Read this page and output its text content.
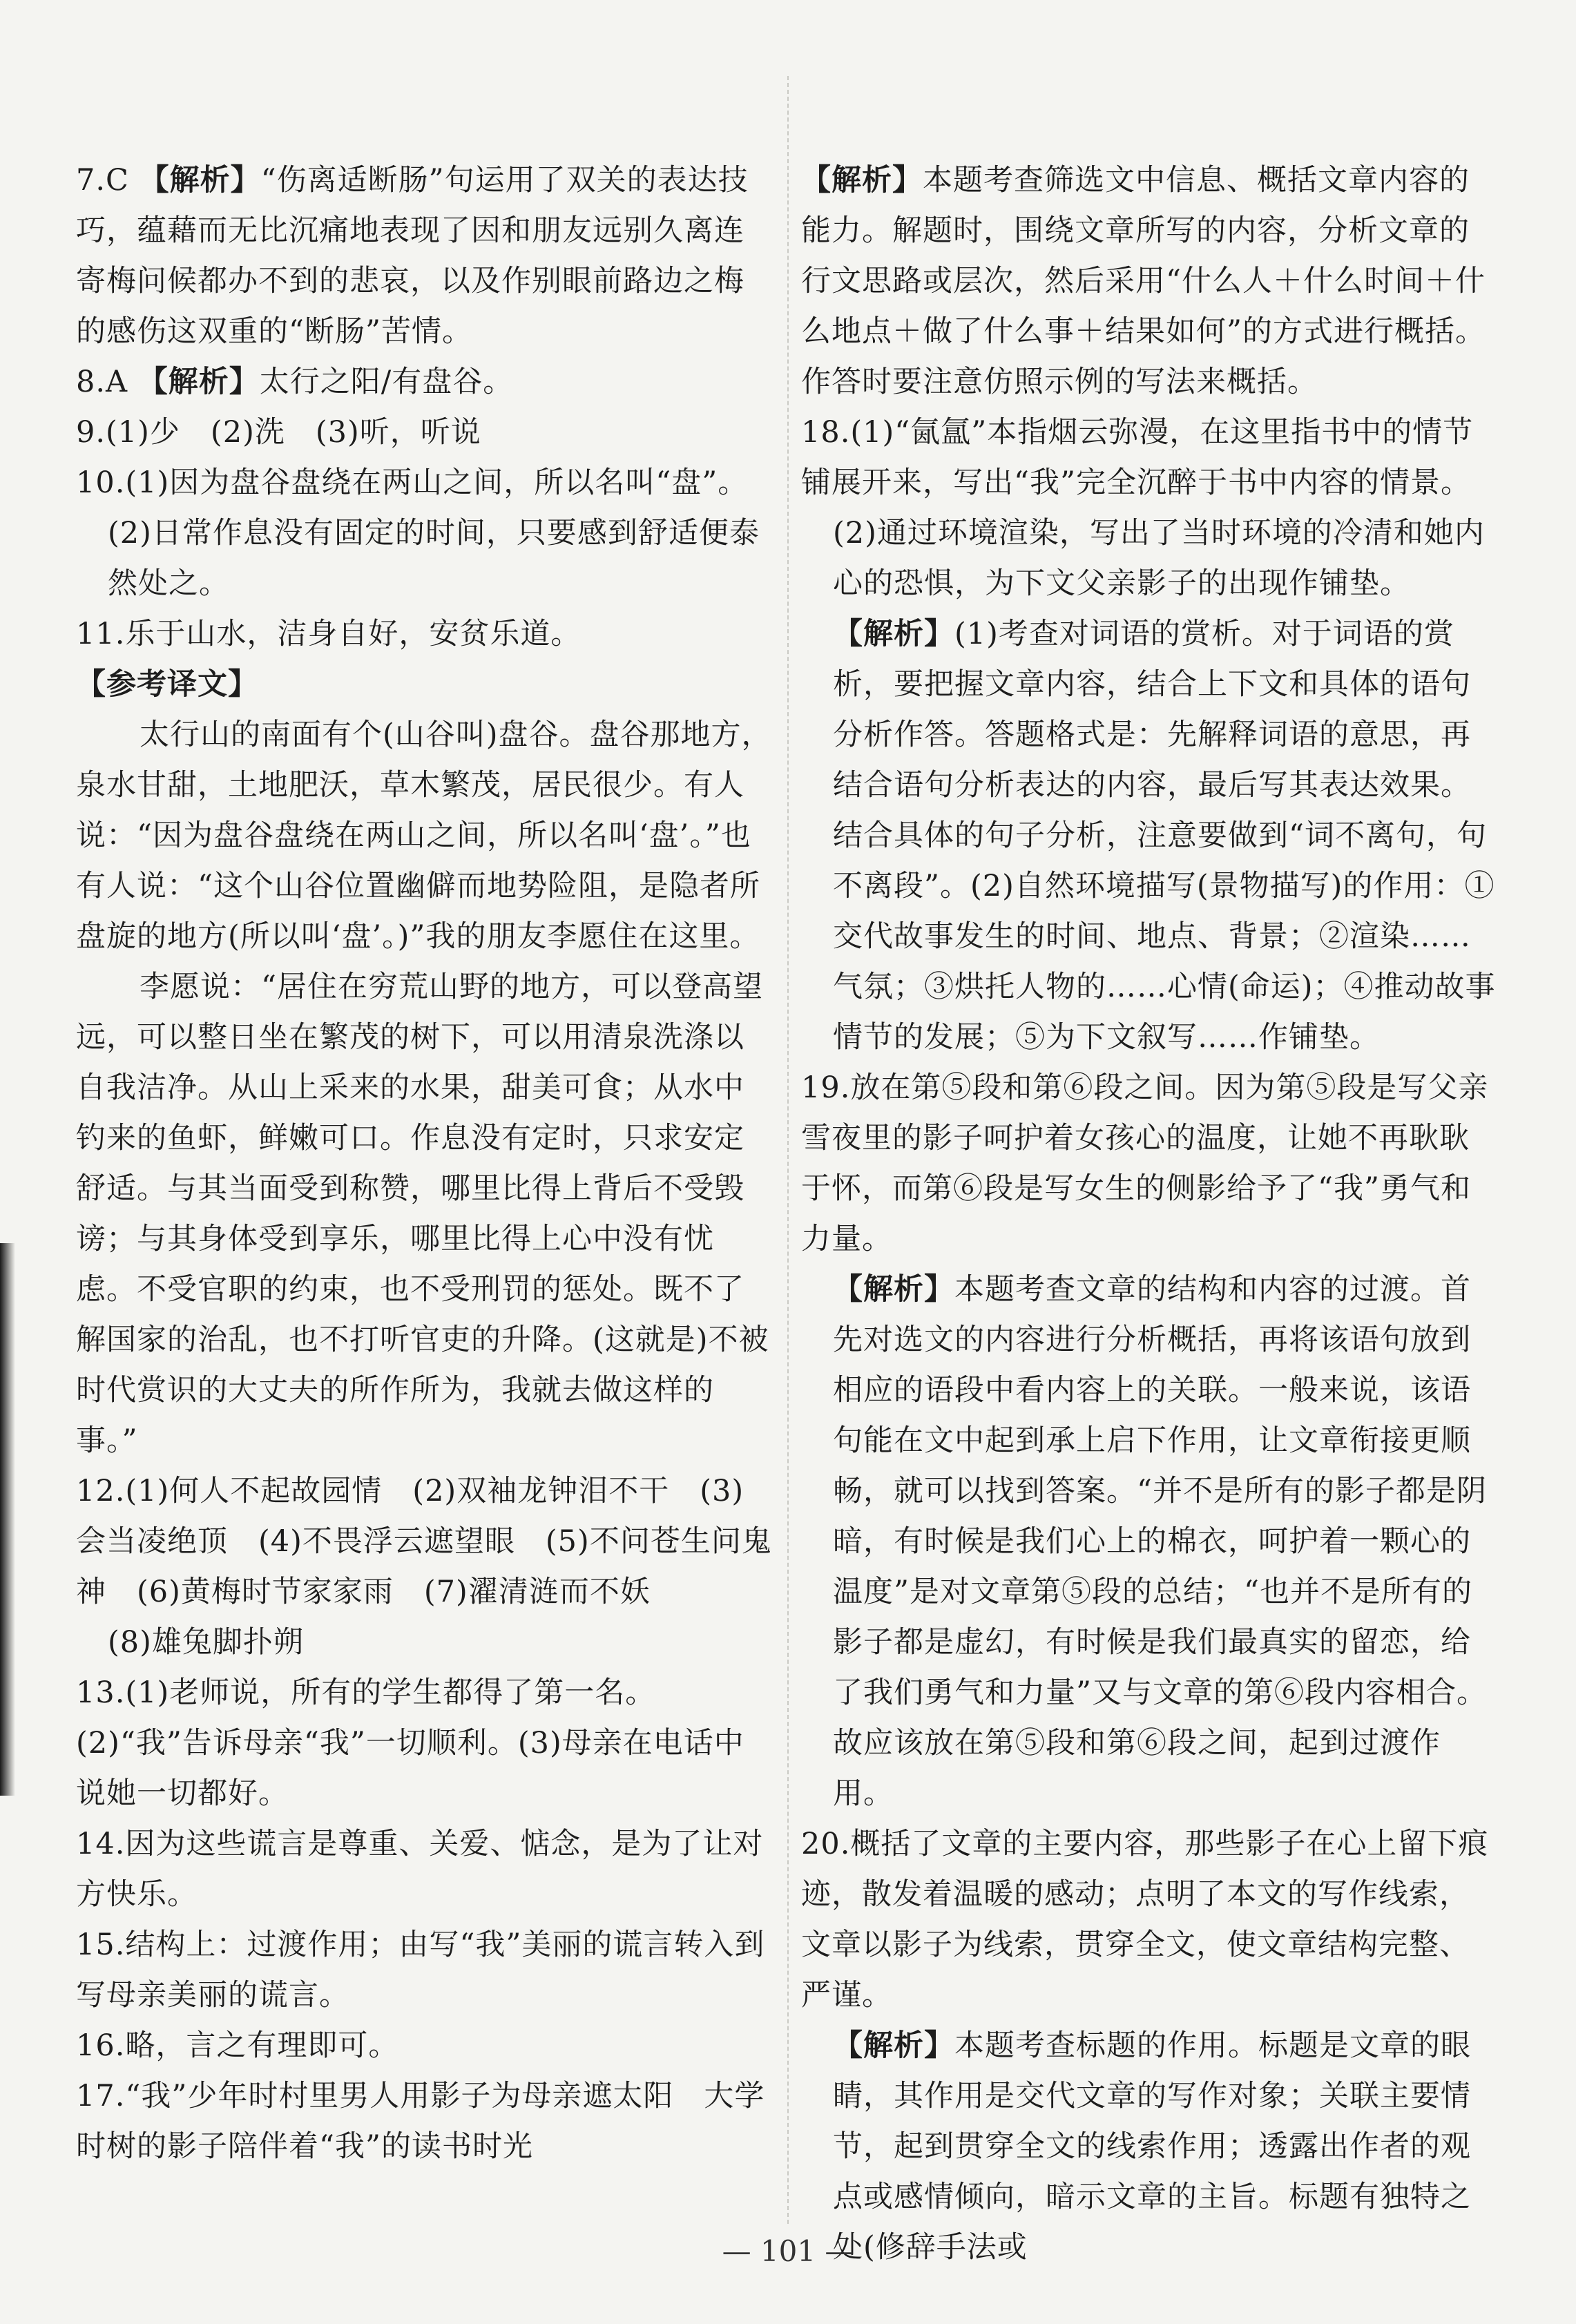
7.C 【解析】“伤离适断肠”句运用了双关的表达技巧，蕴藉而无比沉痛地表现了因和朋友远别久离连寄梅问候都办不到的悲哀，以及作别眼前路边之梅的感伤这双重的“断肠”苦情。

8.A 【解析】太行之阳/有盘谷。

9.(1)少　(2)洗　(3)听，听说

10.(1)因为盘谷盘绕在两山之间，所以名叫“盘”。

(2)日常作息没有固定的时间，只要感到舒适便泰然处之。

11.乐于山水，洁身自好，安贫乐道。

【参考译文】

太行山的南面有个(山谷叫)盘谷。盘谷那地方，泉水甘甜，土地肥沃，草木繁茂，居民很少。有人说：“因为盘谷盘绕在两山之间，所以名叫‘盘’。”也有人说：“这个山谷位置幽僻而地势险阻，是隐者所盘旋的地方(所以叫‘盘’。)”我的朋友李愿住在这里。

李愿说：“居住在穷荒山野的地方，可以登高望远，可以整日坐在繁茂的树下，可以用清泉洗涤以自我洁净。从山上采来的水果，甜美可食；从水中钓来的鱼虾，鲜嫩可口。作息没有定时，只求安定舒适。与其当面受到称赞，哪里比得上背后不受毁谤；与其身体受到享乐，哪里比得上心中没有忧虑。不受官职的约束，也不受刑罚的惩处。既不了解国家的治乱，也不打听官吏的升降。(这就是)不被时代赏识的大丈夫的所作所为，我就去做这样的事。”

12.(1)何人不起故园情　(2)双袖龙钟泪不干　(3)会当凌绝顶　(4)不畏浮云遮望眼　(5)不问苍生问鬼神　(6)黄梅时节家家雨　(7)濯清涟而不妖

(8)雄兔脚扑朔

13.(1)老师说，所有的学生都得了第一名。(2)“我”告诉母亲“我”一切顺利。(3)母亲在电话中说她一切都好。

14.因为这些谎言是尊重、关爱、惦念，是为了让对方快乐。

15.结构上：过渡作用；由写“我”美丽的谎言转入到写母亲美丽的谎言。

16.略，言之有理即可。

17.“我”少年时村里男人用影子为母亲遮太阳　大学时树的影子陪伴着“我”的读书时光

【解析】本题考查筛选文中信息、概括文章内容的能力。解题时，围绕文章所写的内容，分析文章的行文思路或层次，然后采用“什么人＋什么时间＋什么地点＋做了什么事＋结果如何”的方式进行概括。作答时要注意仿照示例的写法来概括。

18.(1)“氤氲”本指烟云弥漫，在这里指书中的情节铺展开来，写出“我”完全沉醉于书中内容的情景。

(2)通过环境渲染，写出了当时环境的冷清和她内心的恐惧，为下文父亲影子的出现作铺垫。

【解析】(1)考查对词语的赏析。对于词语的赏析，要把握文章内容，结合上下文和具体的语句分析作答。答题格式是：先解释词语的意思，再结合语句分析表达的内容，最后写其表达效果。结合具体的句子分析，注意要做到“词不离句，句不离段”。(2)自然环境描写(景物描写)的作用：①交代故事发生的时间、地点、背景；②渲染……气氛；③烘托人物的……心情(命运)；④推动故事情节的发展；⑤为下文叙写……作铺垫。

19.放在第⑤段和第⑥段之间。因为第⑤段是写父亲雪夜里的影子呵护着女孩心的温度，让她不再耿耿于怀，而第⑥段是写女生的侧影给予了“我”勇气和力量。

【解析】本题考查文章的结构和内容的过渡。首先对选文的内容进行分析概括，再将该语句放到相应的语段中看内容上的关联。一般来说，该语句能在文中起到承上启下作用，让文章衔接更顺畅，就可以找到答案。“并不是所有的影子都是阴暗，有时候是我们心上的棉衣，呵护着一颗心的温度”是对文章第⑤段的总结；“也并不是所有的影子都是虚幻，有时候是我们最真实的留恋，给了我们勇气和力量”又与文章的第⑥段内容相合。故应该放在第⑤段和第⑥段之间，起到过渡作用。

20.概括了文章的主要内容，那些影子在心上留下痕迹，散发着温暖的感动；点明了本文的写作线索，文章以影子为线索，贯穿全文，使文章结构完整、严谨。

【解析】本题考查标题的作用。标题是文章的眼睛，其作用是交代文章的写作对象；关联主要情节，起到贯穿全文的线索作用；透露出作者的观点或感情倾向，暗示文章的主旨。标题有独特之处(修辞手法或

— 101 —
